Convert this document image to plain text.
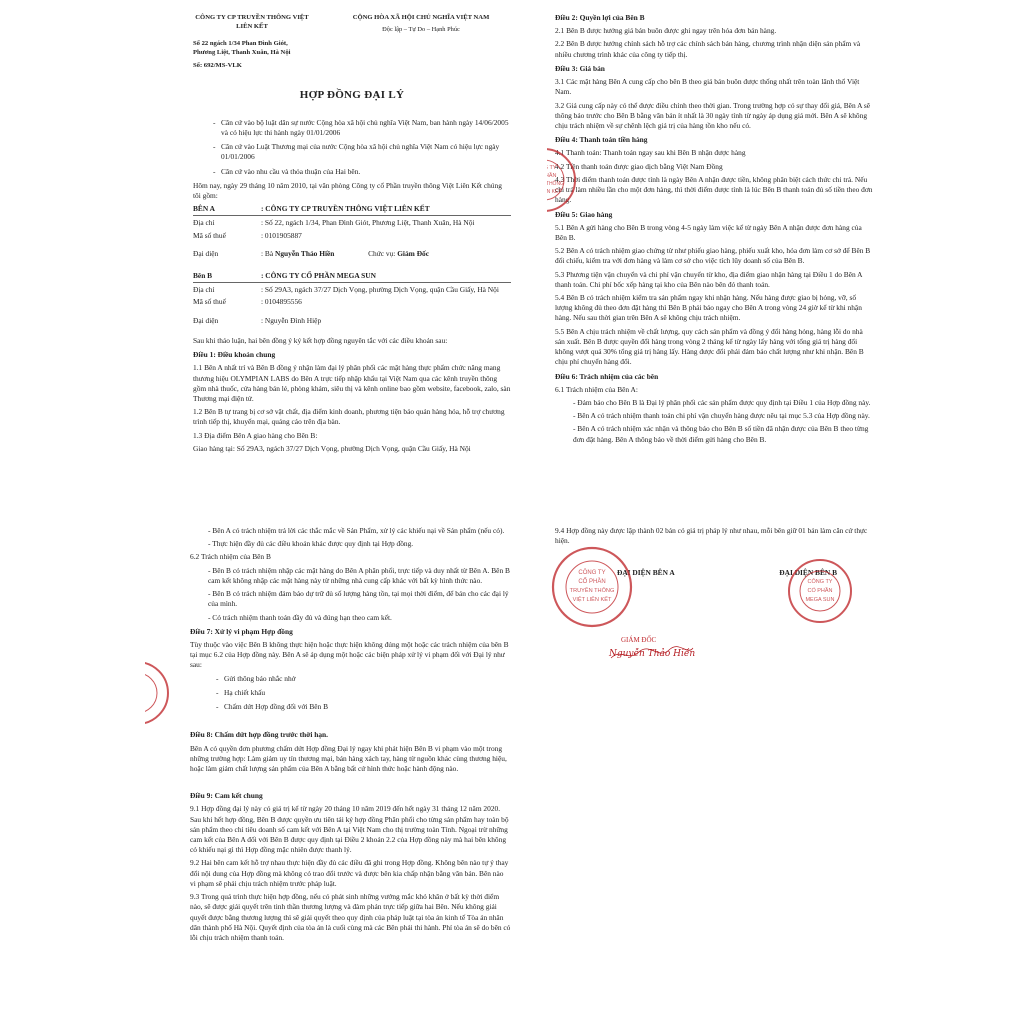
CÔNG TY CP TRUYỀN THÔNG VIỆT LIÊN KẾT
Số 22 ngách 1/34 Phan Đình Giót, Phương Liệt, Thanh Xuân, Hà Nội
Số: 692/MS-VLK
CỘNG HÒA XÃ HỘI CHỦ NGHĨA VIỆT NAM
Độc lập – Tự Do – Hạnh Phúc
HỢP ĐỒNG ĐẠI LÝ
- Căn cứ vào bộ luật dân sự nước Cộng hòa xã hội chủ nghĩa Việt Nam, ban hành ngày 14/06/2005 và có hiệu lực thi hành ngày 01/01/2006
- Căn cứ vào Luật Thương mại của nước Cộng hòa xã hội chủ nghĩa Việt Nam có hiệu lực ngày 01/01/2006
- Căn cứ vào nhu cầu và thỏa thuận của Hai bên.
Hôm nay, ngày 29 tháng 10 năm 2010, tại văn phòng Công ty cổ Phần truyền thông Việt Liên Kết chúng tôi gồm:
BÊN A	: CÔNG TY CP TRUYỀN THÔNG VIỆT LIÊN KẾT
Địa chỉ	: Số 22, ngách 1/34, Phan Đình Giót, Phương Liệt, Thanh Xuân, Hà Nội
Mã số thuế	: 0101905887
Đại diện	: Bà Nguyễn Thảo Hiền	Chức vụ: Giám Đốc
Bên B	: CÔNG TY CỔ PHẦN MEGA SUN
Địa chỉ	: Số 29A3, ngách 37/27 Dịch Vọng, phường Dịch Vọng, quận Cầu Giấy, Hà Nội
Mã số thuế	: 0104895556
Đại diện	: Nguyễn Đình Hiệp
Sau khi thảo luận, hai bên đồng ý ký kết hợp đồng nguyên tắc với các điều khoản sau:
Điều 1: Điều khoản chung
1.1 Bên A nhất trí và Bên B đồng ý nhận làm đại lý phân phối các mặt hàng thực phẩm chức năng mang thương hiệu OLYMPIAN LABS do Bên A trực tiếp nhập khẩu tại Việt Nam qua các kênh truyền thông gồm nhà thuốc, cửa hàng bán lẻ, phòng khám, siêu thị và kênh online bao gồm website, facebook, zalo, sàn Thương mại điện tử.
1.2 Bên B tự trang bị cơ sở vật chất, địa điểm kinh doanh, phương tiện bảo quản hàng hóa, hỗ trợ chương trình tiếp thị, khuyến mại, quảng cáo trên địa bàn.
1.3 Địa điểm Bên A giao hàng cho Bên B:
Giao hàng tại: Số 29A3, ngách 37/27 Dịch Vọng, phường Dịch Vọng, quận Cầu Giấy, Hà Nội
Điều 2: Quyền lợi của Bên B
2.1 Bên B được hưởng giá bán buôn được ghi ngay trên hóa đơn bán hàng.
2.2 Bên B được hưởng chính sách hỗ trợ các chính sách bán hàng, chương trình nhận diện sản phẩm và nhiều chương trình khác của công ty tiếp thị.
Điều 3: Giá bán
3.1 Các mặt hàng Bên A cung cấp cho bên B theo giá bán buôn được thống nhất trên toàn lãnh thổ Việt Nam.
3.2 Giá cung cấp này có thể được điều chỉnh theo thời gian. Trong trường hợp có sự thay đổi giá, Bên A sẽ thông báo trước cho Bên B bằng văn bản ít nhất là 30 ngày tính từ ngày áp dụng giá mới. Bên A sẽ không chịu trách nhiệm về sự chênh lệch giá trị của hàng tồn kho nếu có.
Điều 4: Thanh toán tiền hàng
4.1 Thanh toán: Thanh toán ngay sau khi Bên B nhận được hàng
4.2 Tiền thanh toán được giao dịch bằng Việt Nam Đồng
4.3 Thời điểm thanh toán được tính là ngày Bên A nhận được tiền, không phân biệt cách thức chi trả. Nếu chi trả làm nhiều lần cho một đơn hàng, thì thời điểm được tính là lúc Bên B thanh toán đủ số tiền theo đơn hàng.
Điều 5: Giao hàng
5.1 Bên A gửi hàng cho Bên B trong vòng 4-5 ngày làm việc kể từ ngày Bên A nhận được đơn hàng của Bên B.
5.2 Bên A có trách nhiệm giao chứng từ như phiếu giao hàng, phiếu xuất kho, hóa đơn làm cơ sở để Bên B đối chiếu, kiểm tra với đơn hàng và làm cơ sở cho việc tích lũy doanh số của Bên B.
5.3 Phương tiện vận chuyển và chi phí vận chuyển từ kho, địa điểm giao nhận hàng tại Điều 1 do Bên A thanh toán. Chi phí bốc xếp hàng tại kho của Bên nào bên đó thanh toán.
5.4 Bên B có trách nhiệm kiểm tra sản phẩm ngay khi nhận hàng. Nếu hàng được giao bị hỏng, vỡ, số lượng không đủ theo đơn đặt hàng thì Bên B phải báo ngay cho Bên A trong vòng 24 giờ kể từ khi nhận hàng. Nếu sau thời gian trên Bên A sẽ không chịu trách nhiệm.
5.5 Bên A chịu trách nhiệm về chất lượng, quy cách sản phẩm và đồng ý đổi hàng hỏng, hàng lỗi do nhà sản xuất. Bên B được quyền đổi hàng trong vòng 2 tháng kể từ ngày lấy hàng với tổng giá trị hàng đổi không vượt quá 30% tổng giá trị hàng lấy. Hàng được đổi phải đảm bảo chất lượng như khi nhận. Bên B chịu phí chuyển hàng đổi.
Điều 6: Trách nhiệm của các bên
6.1 Trách nhiệm của Bên A:
- Đảm bảo cho Bên B là Đại lý phân phối các sản phẩm được quy định tại Điều 1 của Hợp đồng này.
- Bên A có trách nhiệm thanh toán chi phí vận chuyển hàng được nêu tại mục 5.3 của Hợp đồng này.
- Bên A có trách nhiệm xác nhận và thông báo cho Bên B số tiền đã nhận được của Bên B theo từng đơn đặt hàng. Bên A thông báo về thời điểm gửi hàng cho Bên B.
CÔNG TY
CỔ PHẦN
TRUYỀN THÔNG
VIỆT LIÊN KẾT
- Bên A có trách nhiệm trả lời các thắc mắc về Sản Phẩm, xử lý các khiếu nại về Sản phẩm (nếu có).
- Thực hiện đầy đủ các điều khoản khác được quy định tại Hợp đồng.
6.2 Trách nhiệm của Bên B
- Bên B có trách nhiệm nhập các mặt hàng do Bên A phân phối, trực tiếp và duy nhất từ Bên A. Bên B cam kết không nhập các mặt hàng này từ những nhà cung cấp khác với bất kỳ hình thức nào.
- Bên B có trách nhiệm đảm bảo dự trữ đủ số lượng hàng tồn, tại mọi thời điểm, để bán cho các đại lý của mình.
- Có trách nhiệm thanh toán đầy đủ và đúng hạn theo cam kết.
Điều 7: Xử lý vi phạm Hợp đồng
Tùy thuộc vào việc Bên B không thực hiện hoặc thực hiện không đúng một hoặc các trách nhiệm của bên B tại mục 6.2 của Hợp đồng này. Bên A sẽ áp dụng một hoặc các biện pháp xử lý vi phạm đối với Đại lý như sau:
- Gửi thông báo nhắc nhở
- Hạ chiết khấu
- Chấm dứt Hợp đồng đối với Bên B
Điều 8: Chấm dứt hợp đồng trước thời hạn.
Bên A có quyền đơn phương chấm dứt Hợp đồng Đại lý ngay khi phát hiện Bên B vi phạm vào một trong những trường hợp: Làm giảm uy tín thương mại, bán hàng xách tay, hàng từ nguồn khác cùng thương hiệu, hoặc làm giảm chất lượng sản phẩm của Bên A bằng bất cứ hình thức hoặc hành động nào.
Điều 9: Cam kết chung
9.1 Hợp đồng đại lý này có giá trị kể từ ngày 20 tháng 10 năm 2019 đến hết ngày 31 tháng 12 năm 2020. Sau khi hết hợp đồng, Bên B được quyền ưu tiên tái ký hợp đồng Phân phối cho từng sản phẩm hay toàn bộ sản phẩm theo chỉ tiêu doanh số cam kết với Bên A tại Việt Nam cho thị trường toàn Tỉnh. Ngoại trừ những cam kết của Bên A đối với Bên B được quy định tại Điều 2 khoản 2.2 của Hợp đồng này mà hai bên không có khiếu nại gì thì Hợp đồng mặc nhiên được thanh lý.
9.2 Hai bên cam kết hỗ trợ nhau thực hiện đầy đủ các điều đã ghi trong Hợp đồng. Không bên nào tự ý thay đổi nội dung của Hợp đồng mà không có trao đổi trước và được bên kia chấp nhận bằng văn bản. Bên nào vi phạm sẽ phải chịu trách nhiệm trước pháp luật.
9.3 Trong quá trình thực hiện hợp đồng, nếu có phát sinh những vướng mắc khó khăn ở bất kỳ thời điểm nào, sẽ được giải quyết trên tinh thần thương lượng và đàm phán trực tiếp giữa hai Bên. Nếu không giải quyết được bằng thương lượng thì sẽ giải quyết theo quy định của pháp luật tại tòa án kinh tế Tòa án nhân dân thành phố Hà Nội. Quyết định của tòa án là cuối cùng mà các Bên phải thi hành. Phí tòa án sẽ do bên có lỗi chịu trách nhiệm thanh toán.
9.4 Hợp đồng này được lập thành 02 bản có giá trị pháp lý như nhau, mỗi bên giữ 01 bản làm căn cứ thực hiện.
ĐẠI DIỆN BÊN A	ĐẠI DIỆN BÊN B
CÔNG TY
CỔ PHẦN
TRUYỀN THÔNG
VIỆT LIÊN KẾT
CÔNG TY
CỔ PHẦN
MEGA SUN
GIÁM ĐỐC
Nguyễn Thảo Hiền
